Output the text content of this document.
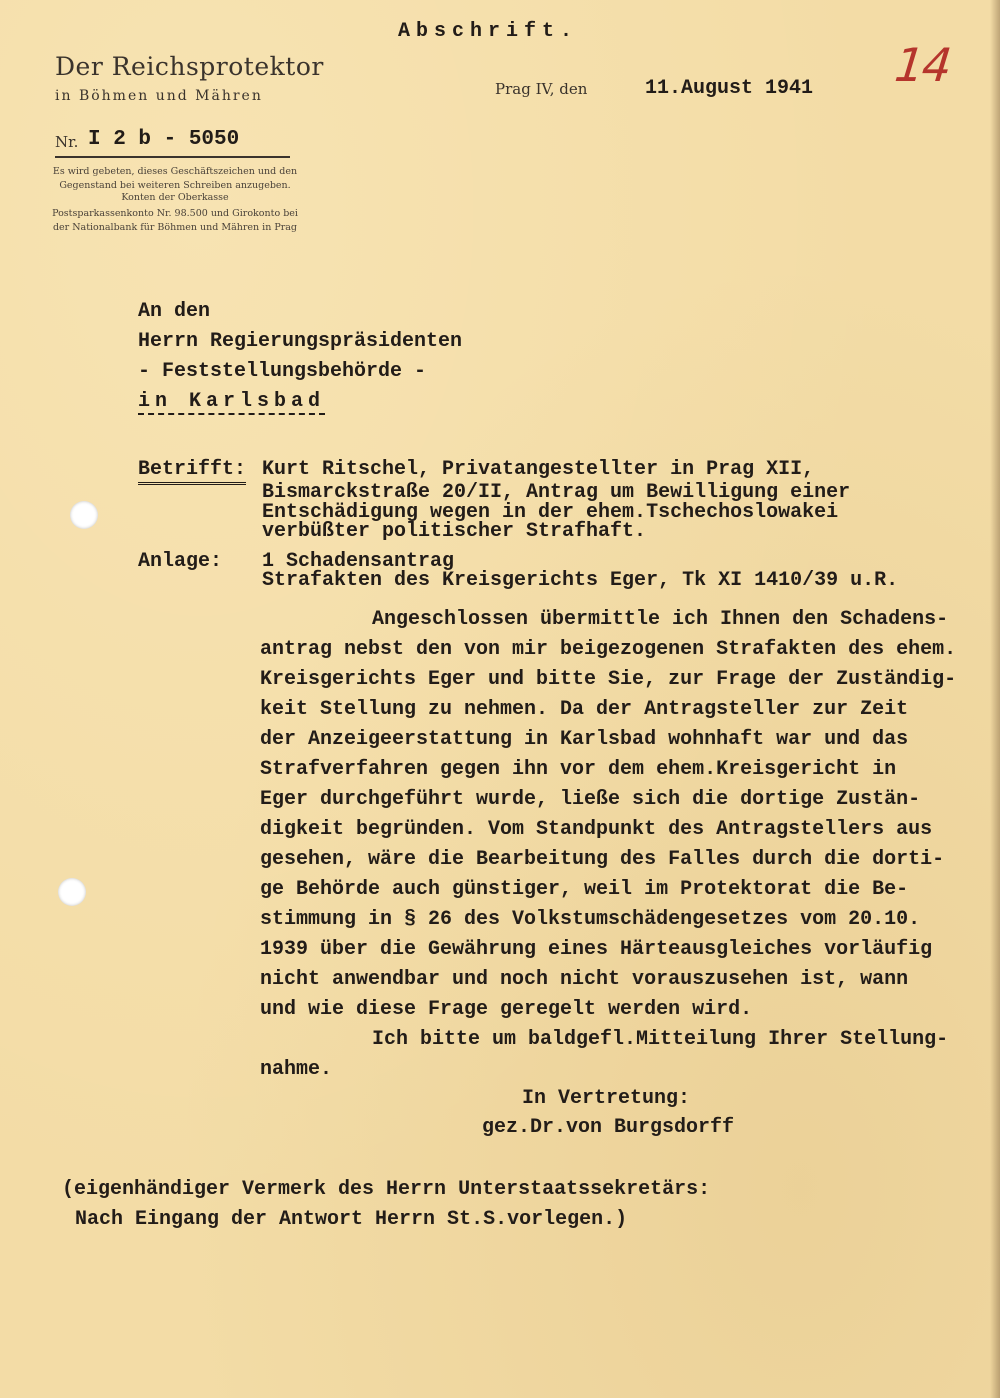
Abschrift.
Der Reichsprotektor
in Böhmen und Mähren
Nr. I 2 b - 5050
Es wird gebeten, dieses Geschäftszeichen und den Gegenstand bei weiteren Schreiben anzugeben.
Konten der Oberkasse
Postsparkassenkonto Nr. 98.500 und Girokonto bei der Nationalbank für Böhmen und Mähren in Prag
Prag IV, den	11.August 1941 14
An den
Herrn Regierungspräsidenten
- Feststellungsbehörde -
in Karlsbad
Betrifft: Kurt Ritschel, Privatangestellter in Prag XII,
Bismarckstraße 20/II, Antrag um Bewilligung einer
Entschädigung wegen in der ehem.Tschechoslowakei
verbüßter politischer Strafhaft.
Anlage: 1 Schadensantrag
Strafakten des Kreisgerichts Eger, Tk XI 1410/39 u.R.
Angeschlossen übermittle ich Ihnen den Schadens-
antrag nebst den von mir beigezogenen Strafakten des ehem.
Kreisgerichts Eger und bitte Sie, zur Frage der Zuständig-
keit Stellung zu nehmen. Da der Antragsteller zur Zeit
der Anzeigeerstattung in Karlsbad wohnhaft war und das
Strafverfahren gegen ihn vor dem ehem.Kreisgericht in
Eger durchgeführt wurde, ließe sich die dortige Zustän-
digkeit begründen. Vom Standpunkt des Antragstellers aus
gesehen, wäre die Bearbeitung des Falles durch die dorti-
ge Behörde auch günstiger, weil im Protektorat die Be-
stimmung in § 26 des Volkstumschädengesetzes vom 20.10.
1939 über die Gewährung eines Härteausgleiches vorläufig
nicht anwendbar und noch nicht vorauszusehen ist, wann
und wie diese Frage geregelt werden wird.
Ich bitte um baldgefl.Mitteilung Ihrer Stellung-
nahme.
In Vertretung:
gez.Dr.von Burgsdorff
(eigenhändiger Vermerk des Herrn Unterstaatssekretärs:
Nach Eingang der Antwort Herrn St.S.vorlegen.)
